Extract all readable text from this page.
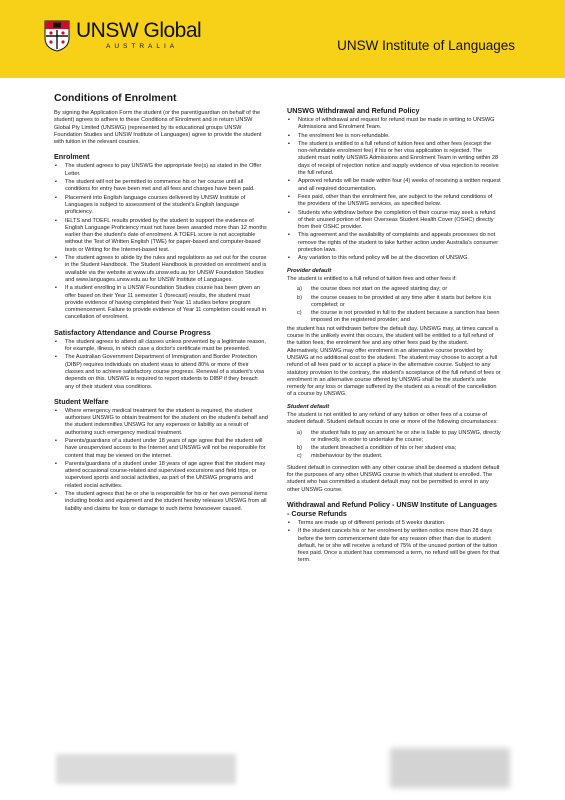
UNSW Global
AUSTRALIA	UNSW Institute of Languages
Conditions of Enrolment

By signing the Application Form the student (or the parent/guardian on behalf of the student) agrees to adhere to these Conditions of Enrolment and in return UNSW Global Pty Limited (UNSWG) (represented by its educational groups UNSW Foundation Studies and UNSW Institute of Languages) agree to provide the student with tuition in the relevant courses.

Enrolment
▪ The student agrees to pay UNSWG the appropriate fee(s) as stated in the Offer Letter.
▪ The student will not be permitted to commence his or her course until all conditions for entry have been met and all fees and charges have been paid.
▪ Placement into English language courses delivered by UNSW Institute of Languages is subject to assessment of the student's English language proficiency.
▪ IELTS and TOEFL results provided by the student to support the evidence of English Language Proficiency must not have been awarded more than 12 months earlier than the student's date of enrolment. A TOEFL score is not acceptable without the Test of Written English (TWE) for paper-based and computer-based tests or Writing for the Internet-based test.
▪ The student agrees to abide by the rules and regulations as set out for the course in the Student Handbook. The Student Handbook is provided on enrolment and is available via the website at www.ufs.unsw.edu.au for UNSW Foundation Studies and www.languages.unsw.edu.au for UNSW Institute of Languages.
▪ If a student enrolling in a UNSW Foundation Studies course has been given an offer based on their Year 11 semester 1 (forecast) results, the student must provide evidence of having completed their Year 11 studies before program commencement. Failure to provide evidence of Year 11 completion could result in cancellation of enrolment.
Satisfactory Attendance and Course Progress
▪ The student agrees to attend all classes unless prevented by a legitimate reason, for example, illness, in which case a doctor's certificate must be presented.
▪ The Australian Government Department of Immigration and Border Protection (DIBP) requires individuals on student visas to attend 80% or more of their classes and to achieve satisfactory course progress. Renewal of a student's visa depends on this. UNSWG is required to report students to DIBP if they breach any of their student visa conditions.
Student Welfare
▪ Where emergency medical treatment for the student is required, the student authorises UNSWG to obtain treatment for the student on the student's behalf and the student indemnifies UNSWG for any expenses or liability as a result of authorising such emergency medical treatment.
▪ Parents/guardians of a student under 18 years of age agree that the student will have unsupervised access to the Internet and UNSWG will not be responsible for content that may be viewed on the internet.
▪ Parents/guardians of a student under 18 years of age agree that the student may attend occasional course-related and supervised excursions and field trips, or supervised sports and social activities, as part of the UNSWG programs and related social activities.
▪ The student agrees that he or she is responsible for his or her own personal items including books and equipment and the student hereby releases UNSWG from all liability and claims for loss or damage to such items howsoever caused.
UNSWG Withdrawal and Refund Policy
▪ Notice of withdrawal and request for refund must be made in writing to UNSWG Admissions and Enrolment Team.
▪ The enrolment fee is non-refundable.
▪ The student is entitled to a full refund of tuition fees and other fees (except the non-refundable enrolment fee) if his or her visa application is rejected. The student must notify UNSWG Admissions and Enrolment Team in writing within 28 days of receipt of rejection notice and supply evidence of visa rejection to receive the full refund.
▪ Approved refunds will be made within four (4) weeks of receiving a written request and all required documentation.
▪ Fees paid, other than the enrolment fee, are subject to the refund conditions of the providers of the UNSWG services, as specified below.
▪ Students who withdraw before the completion of their course may seek a refund of their unused portion of their Overseas Student Health Cover (OSHC) directly from their OSHC provider.
▪ This agreement and the availability of complaints and appeals processes do not remove the rights of the student to take further action under Australia's consumer protection laws.
▪ Any variation to this refund policy will be at the discretion of UNSWG.
Provider default

The student is entitled to a full refund of tuition fees and other fees if:

a) the course does not start on the agreed starting day; or
b) the course ceases to be provided at any time after it starts but before it is completed; or
c) the course is not provided in full to the student because a sanction has been imposed on the registered provider; and

the student has not withdrawn before the default day. UNSWG may, at times cancel a course in the unlikely event this occurs, the student will be entitled to a full refund of the tuition fees, the enrolment fee and any other fees paid by the student. Alternatively, UNSWG may offer enrolment in an alternative course provided by UNSWG at no additional cost to the student. The student may choose to accept a full refund of all fees paid or to accept a place in the alternative course. Subject to any statutory provision to the contrary, the student's acceptance of the full refund of fees or enrolment in an alternative course offered by UNSWG shall be the student's sole remedy for any loss or damage suffered by the student as a result of the cancellation of a course by UNSWG.

Student default

The student is not entitled to any refund of any tuition or other fees of a course of student default. Student default occurs in one or more of the following circumstances:

a) the student fails to pay an amount he or she is liable to pay UNSWG, directly or indirectly, in order to undertake the course;
b) the student breached a condition of his or her student visa;
c) misbehaviour by the student.

Student default in connection with any other course shall be deemed a student default for the purposes of any other UNSWG course in which that student is enrolled. The student who has committed a student default may not be permitted to enrol in any other UNSWG course.

Withdrawal and Refund Policy - UNSW Institute of Languages - Course Refunds
▪ Terms are made up of different periods of 5 weeks duration.
▪ If the student cancels his or her enrolment by written notice more than 28 days before the term commencement date for any reason other than due to student default, he or she will receive a refund of 75% of the unused portion of the tuition fees paid. Once a student has commenced a term, no refund will be given for that term.
